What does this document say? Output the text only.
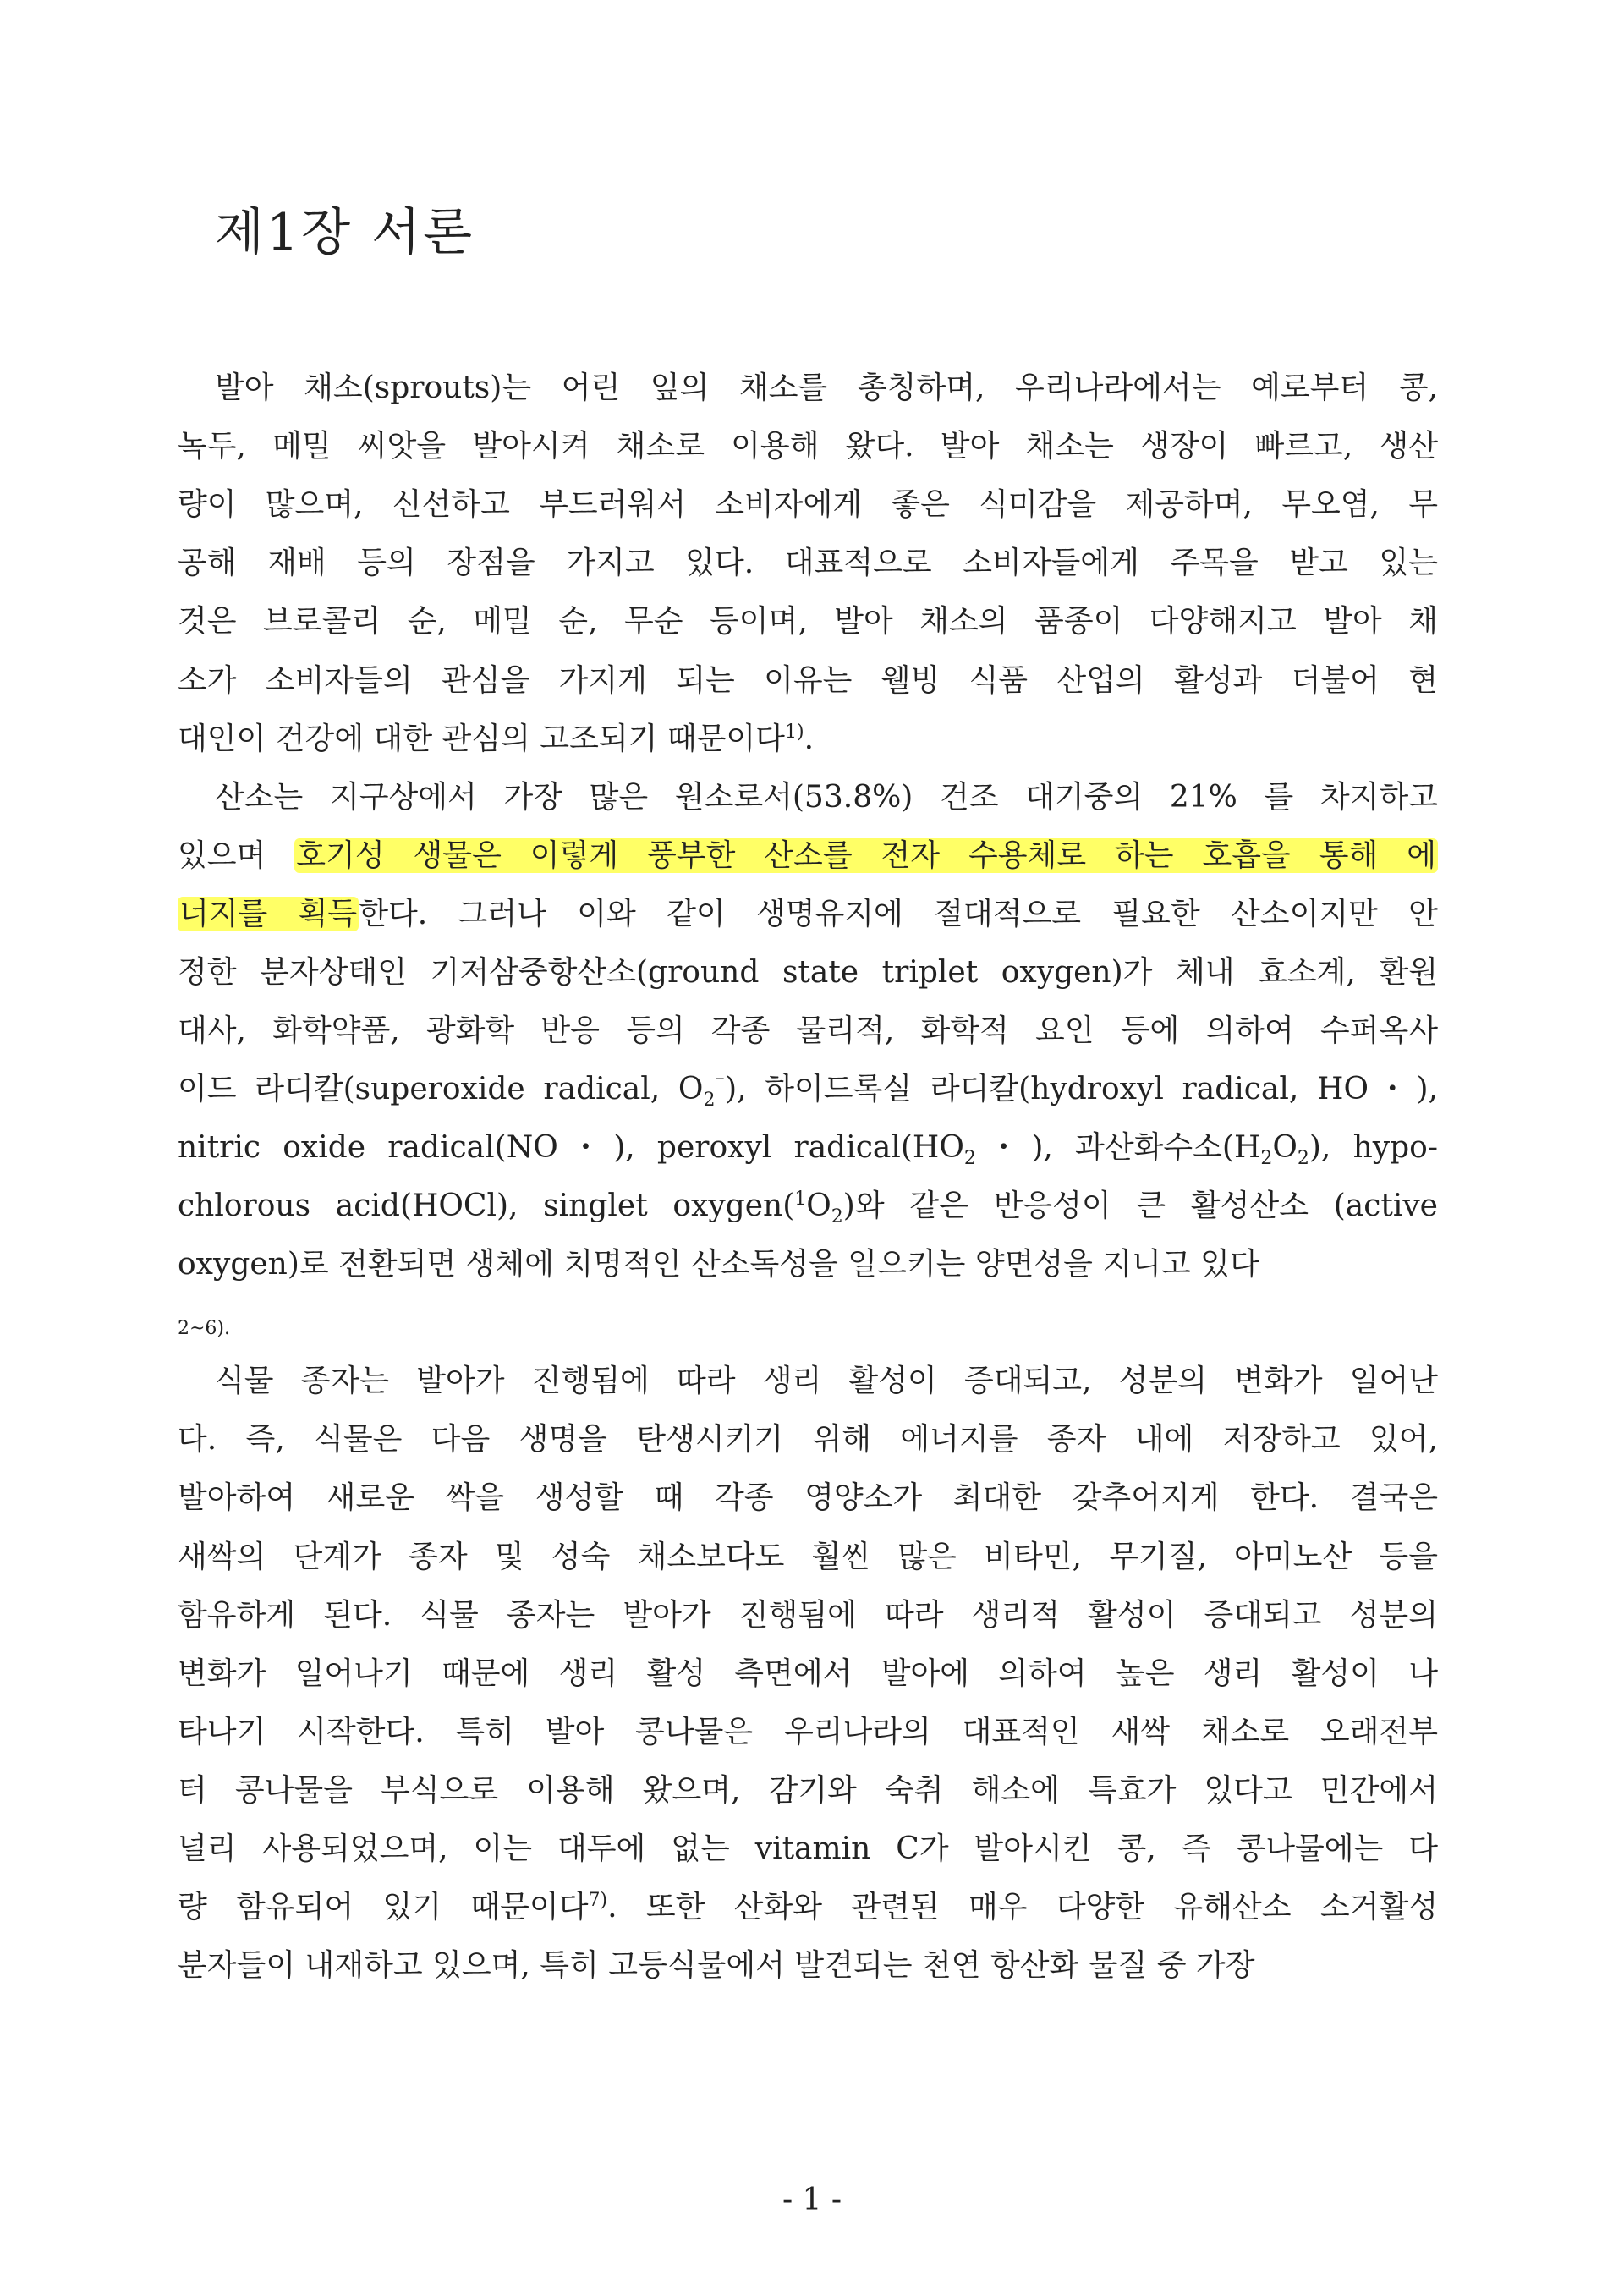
제1장 서론
발아 채소(sprouts)는 어린 잎의 채소를 총칭하며, 우리나라에서는 예로부터 콩,
녹두, 메밀 씨앗을 발아시켜 채소로 이용해 왔다. 발아 채소는 생장이 빠르고, 생산
량이 많으며, 신선하고 부드러워서 소비자에게 좋은 식미감을 제공하며, 무오염, 무
공해 재배 등의 장점을 가지고 있다. 대표적으로 소비자들에게 주목을 받고 있는
것은 브로콜리 순, 메밀 순, 무순 등이며, 발아 채소의 품종이 다양해지고 발아 채
소가 소비자들의 관심을 가지게 되는 이유는 웰빙 식품 산업의 활성과 더불어 현
대인이 건강에 대한 관심의 고조되기 때문이다$^{1)}$.
산소는 지구상에서 가장 많은 원소로서(53.8%) 건조 대기중의 21% 를 차지하고
있으며 호기성 생물은 이렇게 풍부한 산소를 전자 수용체로 하는 호흡을 통해 에
너지를 획득한다. 그러나 이와 같이 생명유지에 절대적으로 필요한 산소이지만 안
정한 분자상태인 기저삼중항산소(ground state triplet oxygen)가 체내 효소계, 환원
대사, 화학약품, 광화학 반응 등의 각종 물리적, 화학적 요인 등에 의하여 수퍼옥사
이드 라디칼(superoxide radical, $O_2^{^-}$), 하이드록실 라디칼(hydroxyl radical, HO・),
nitric oxide radical(NO・), peroxyl $radical(HO_2$・), 과산화수소$(H_2O_2)$, hypo-
chlorous acid(HOCl), singlet $oxygen(^1O_2)$와 같은 반응성이 큰 활성산소 (active
oxygen)로 전환되면 생체에 치명적인 산소독성을 일으키는 양면성을 지니고 있다
식물 종자는 발아가 진행됨에 따라 생리 활성이 증대되고, 성분의 변화가 일어난
다. 즉, 식물은 다음 생명을 탄생시키기 위해 에너지를 종자 내에 저장하고 있어,
발아하여 새로운 싹을 생성할 때 각종 영양소가 최대한 갖추어지게 한다. 결국은
새싹의 단계가 종자 및 성숙 채소보다도 훨씬 많은 비타민, 무기질, 아미노산 등을
함유하게 된다. 식물 종자는 발아가 진행됨에 따라 생리적 활성이 증대되고 성분의
변화가 일어나기 때문에 생리 활성 측면에서 발아에 의하여 높은 생리 활성이 나
타나기 시작한다. 특히 발아 콩나물은 우리나라의 대표적인 새싹 채소로 오래전부
터 콩나물을 부식으로 이용해 왔으며, 감기와 숙취 해소에 특효가 있다고 민간에서
널리 사용되었으며, 이는 대두에 없는 vitamin C가 발아시킨 콩, 즉 콩나물에는 다
량 함유되어 있기 때문이다$^{7)}$. 또한 산화와 관련된 매우 다양한 유해산소 소거활성
분자들이 내재하고 있으며, 특히 고등식물에서 발견되는 천연 항산화 물질 중 가장
2~6).
- 1 -
